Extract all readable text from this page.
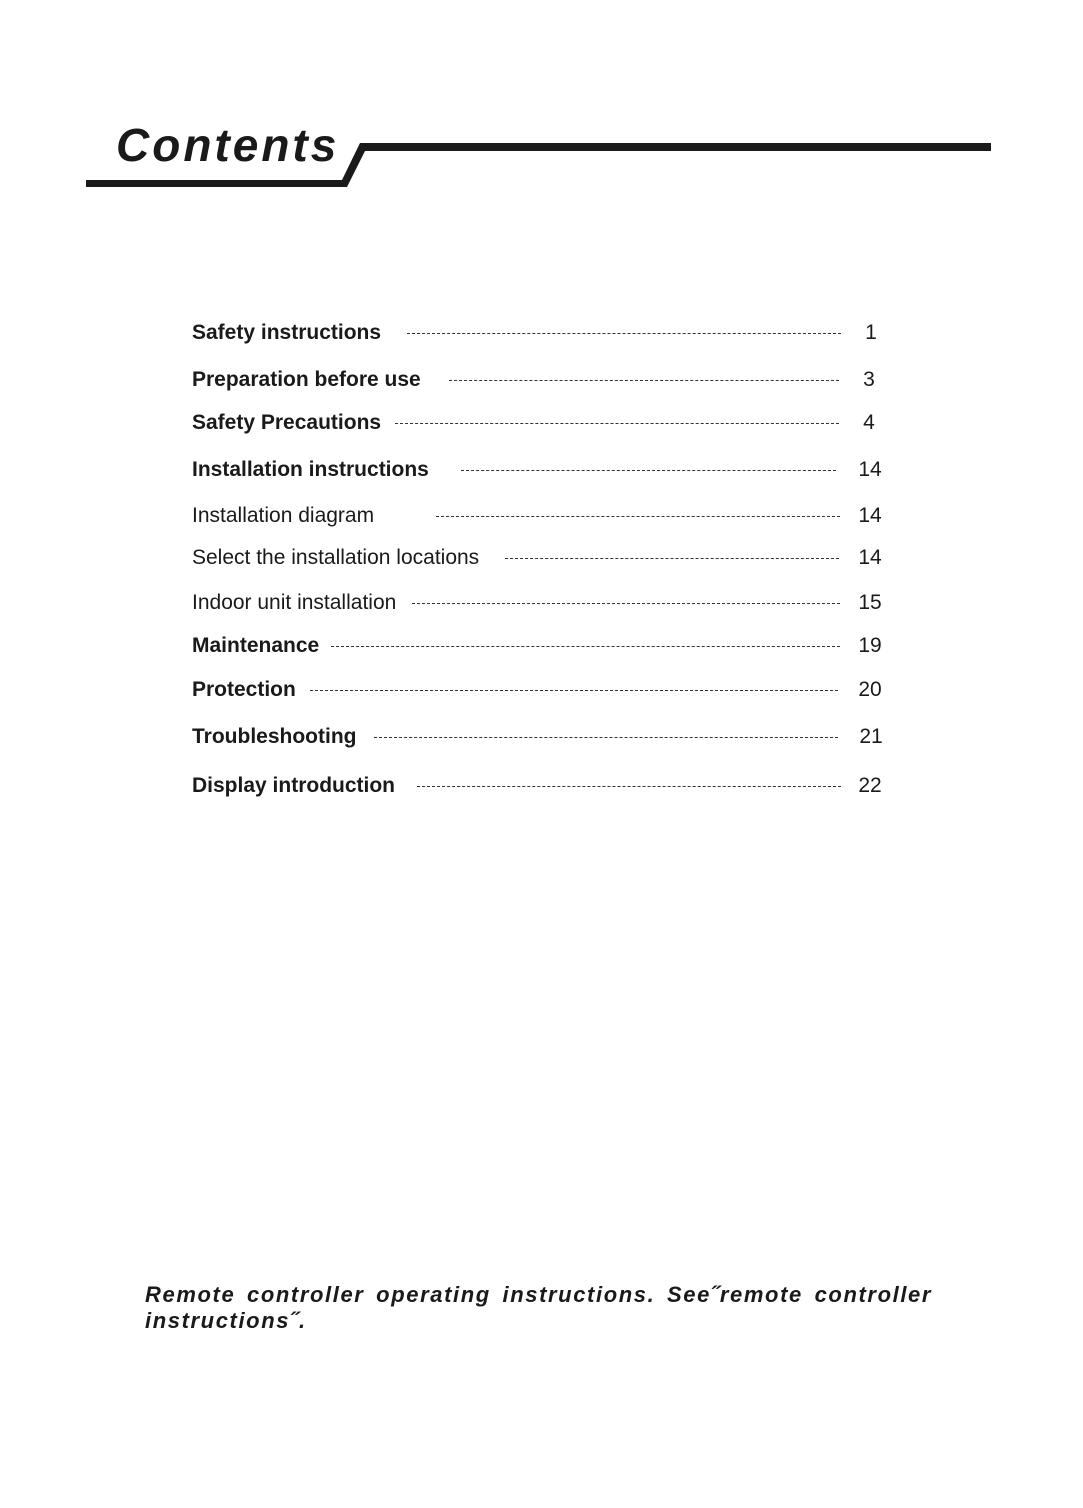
Contents
Safety instructions	1
Preparation before use	3
Safety Precautions	4
Installation instructions	14
Installation diagram	14
Select the installation locations	14
Indoor unit installation	15
Maintenance	19
Protection	20
Troubleshooting	21
Display introduction	22

Remote controller operating instructions. See˝remote controller instructions˝.
